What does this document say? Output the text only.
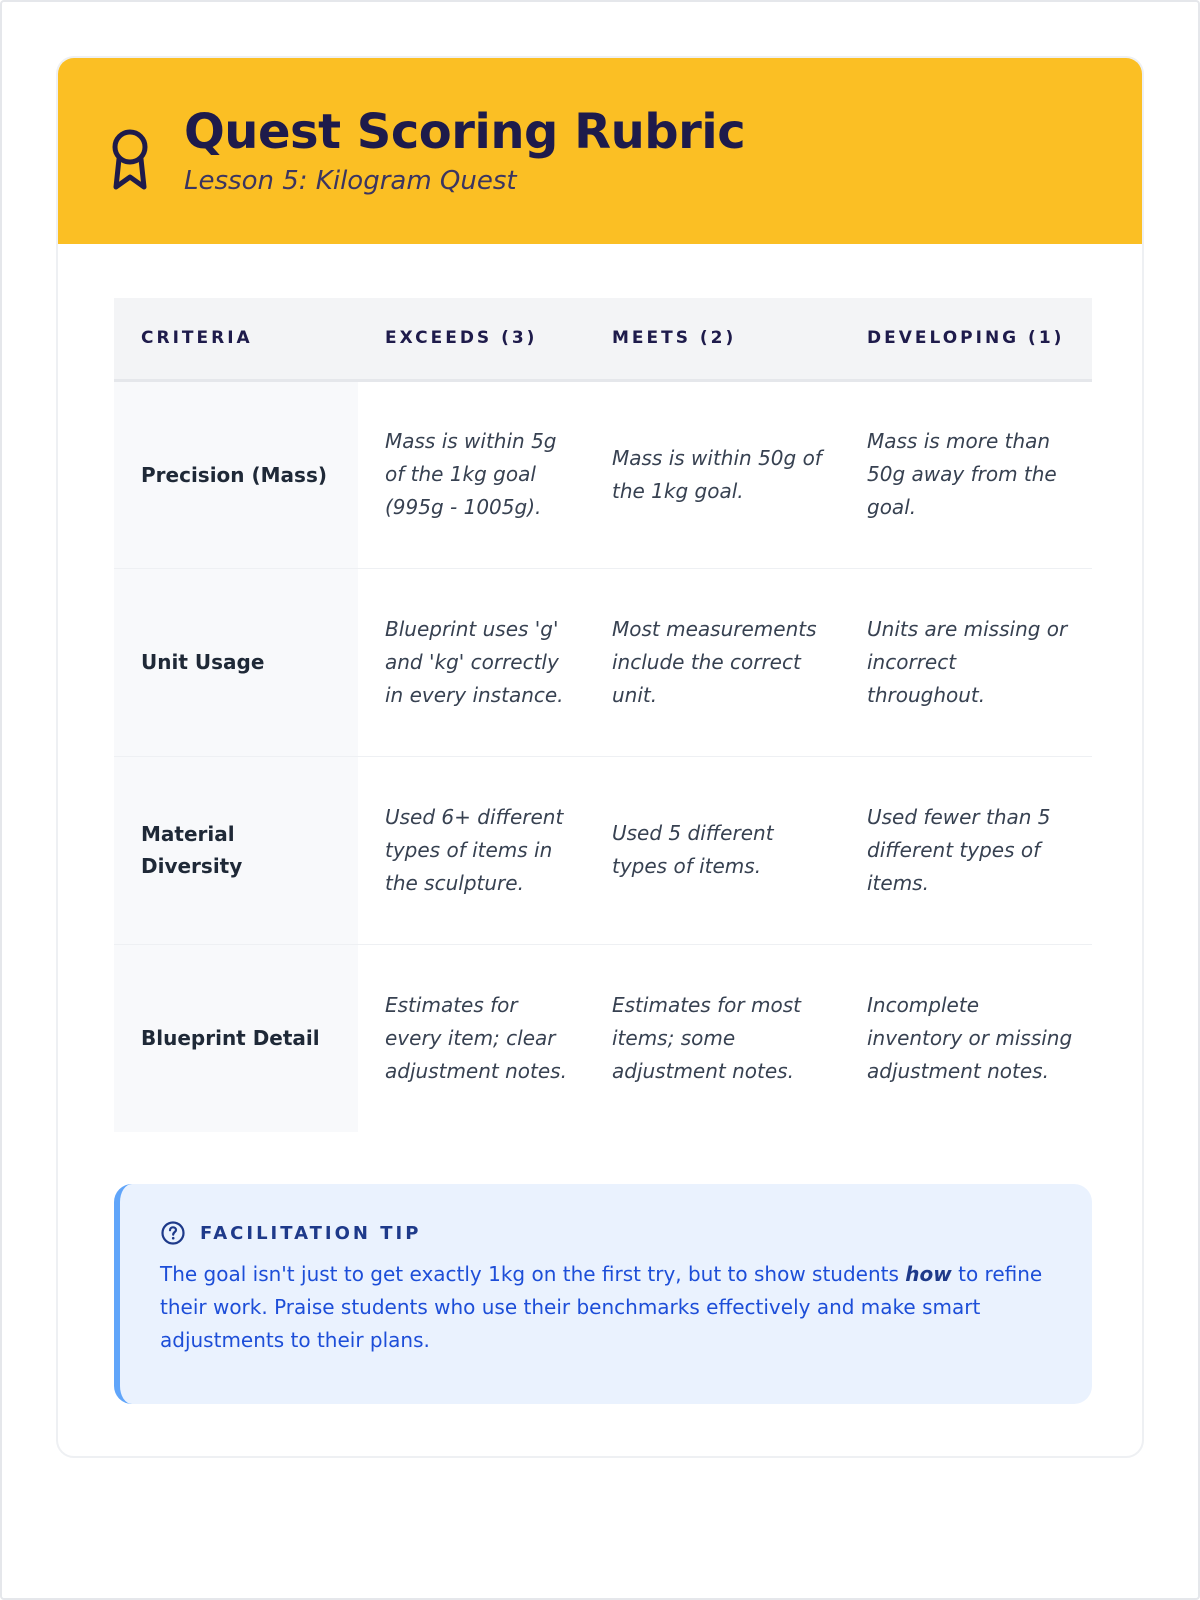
Quest Scoring Rubric
Lesson 5: Kilogram Quest
CRITERIA	EXCEEDS (3)	MEETS (2)	DEVELOPING (1)
Precision (Mass)	Mass is within 5g of the 1kg goal (995g - 1005g).	Mass is within 50g of the 1kg goal.	Mass is more than 50g away from the goal.
Unit Usage	Blueprint uses 'g' and 'kg' correctly in every instance.	Most measurements include the correct unit.	Units are missing or incorrect throughout.
Material Diversity	Used 6+ different types of items in the sculpture.	Used 5 different types of items.	Used fewer than 5 different types of items.
Blueprint Detail	Estimates for every item; clear adjustment notes.	Estimates for most items; some adjustment notes.	Incomplete inventory or missing adjustment notes.
FACILITATION TIP

The goal isn't just to get exactly 1kg on the first try, but to show students how to refine their work. Praise students who use their benchmarks effectively and make smart adjustments to their plans.
